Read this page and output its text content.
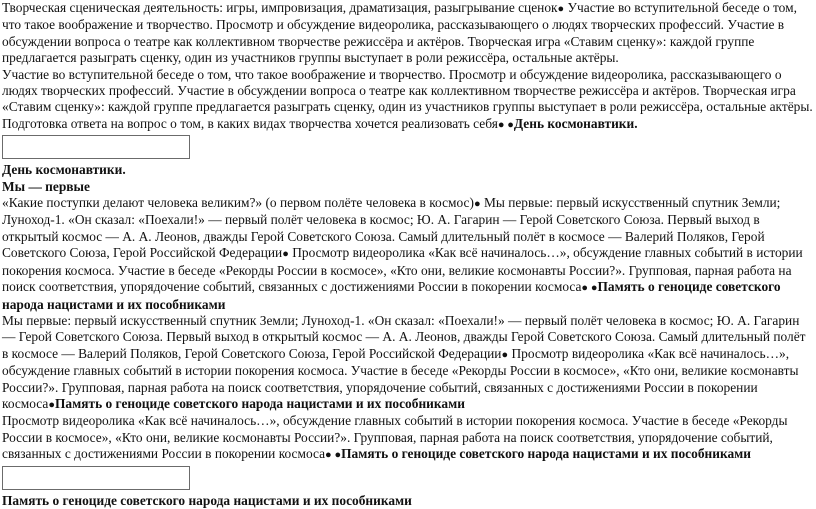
Творческая сценическая деятельность: игры, импровизация, драматизация, разыгрывание сценок● Участие во вступительной беседе о том, что такое воображение и творчество. Просмотр и обсуждение видеоролика, рассказывающего о людях творческих профессий. Участие в обсуждении вопроса о театре как коллективном творчестве режиссёра и актёров. Творческая игра «Ставим сценку»: каждой группе предлагается разыграть сценку, один из участников группы выступает в роли режиссёра, остальные актёры.

Участие во вступительной беседе о том, что такое воображение и творчество. Просмотр и обсуждение видеоролика, рассказывающего о людях творческих профессий. Участие в обсуждении вопроса о театре как коллективном творчестве режиссёра и актёров. Творческая игра «Ставим сценку»: каждой группе предлагается разыграть сценку, один из участников группы выступает в роли режиссёра, остальные актёры.

Подготовка ответа на вопрос о том, в каких видах творчества хочется реализовать себя● ●День космонавтики.

День космонавтики.

Мы — первые

«Какие поступки делают человека великим?» (о первом полёте человека в космос)● Мы первые: первый искусственный спутник Земли; Луноход-1. «Он сказал: «Поехали!» — первый полёт человека в космос; Ю. А. Гагарин — Герой Советского Союза. Первый выход в открытый космос — А. А. Леонов, дважды Герой Советского Союза. Самый длительный полёт в космосе — Валерий Поляков, Герой Советского Союза, Герой Российской Федерации● Просмотр видеоролика «Как всё начиналось…», обсуждение главных событий в истории покорения космоса. Участие в беседе «Рекорды России в космосе», «Кто они, великие космонавты России?». Групповая, парная работа на поиск соответствия, упорядочение событий, связанных с достижениями России в покорении космоса● ●Память о геноциде советского народа нацистами и их пособниками

Мы первые: первый искусственный спутник Земли; Луноход-1. «Он сказал: «Поехали!» — первый полёт человека в космос; Ю. А. Гагарин — Герой Советского Союза. Первый выход в открытый космос — А. А. Леонов, дважды Герой Советского Союза. Самый длительный полёт в космосе — Валерий Поляков, Герой Советского Союза, Герой Российской Федерации● Просмотр видеоролика «Как всё начиналось…», обсуждение главных событий в истории покорения космоса. Участие в беседе «Рекорды России в космосе», «Кто они, великие космонавты России?». Групповая, парная работа на поиск соответствия, упорядочение событий, связанных с достижениями России в покорении космоса●Память о геноциде советского народа нацистами и их пособниками

Просмотр видеоролика «Как всё начиналось…», обсуждение главных событий в истории покорения космоса. Участие в беседе «Рекорды России в космосе», «Кто они, великие космонавты России?». Групповая, парная работа на поиск соответствия, упорядочение событий, связанных с достижениями России в покорении космоса● ●Память о геноциде советского народа нацистами и их пособниками

Память о геноциде советского народа нацистами и их пособниками
